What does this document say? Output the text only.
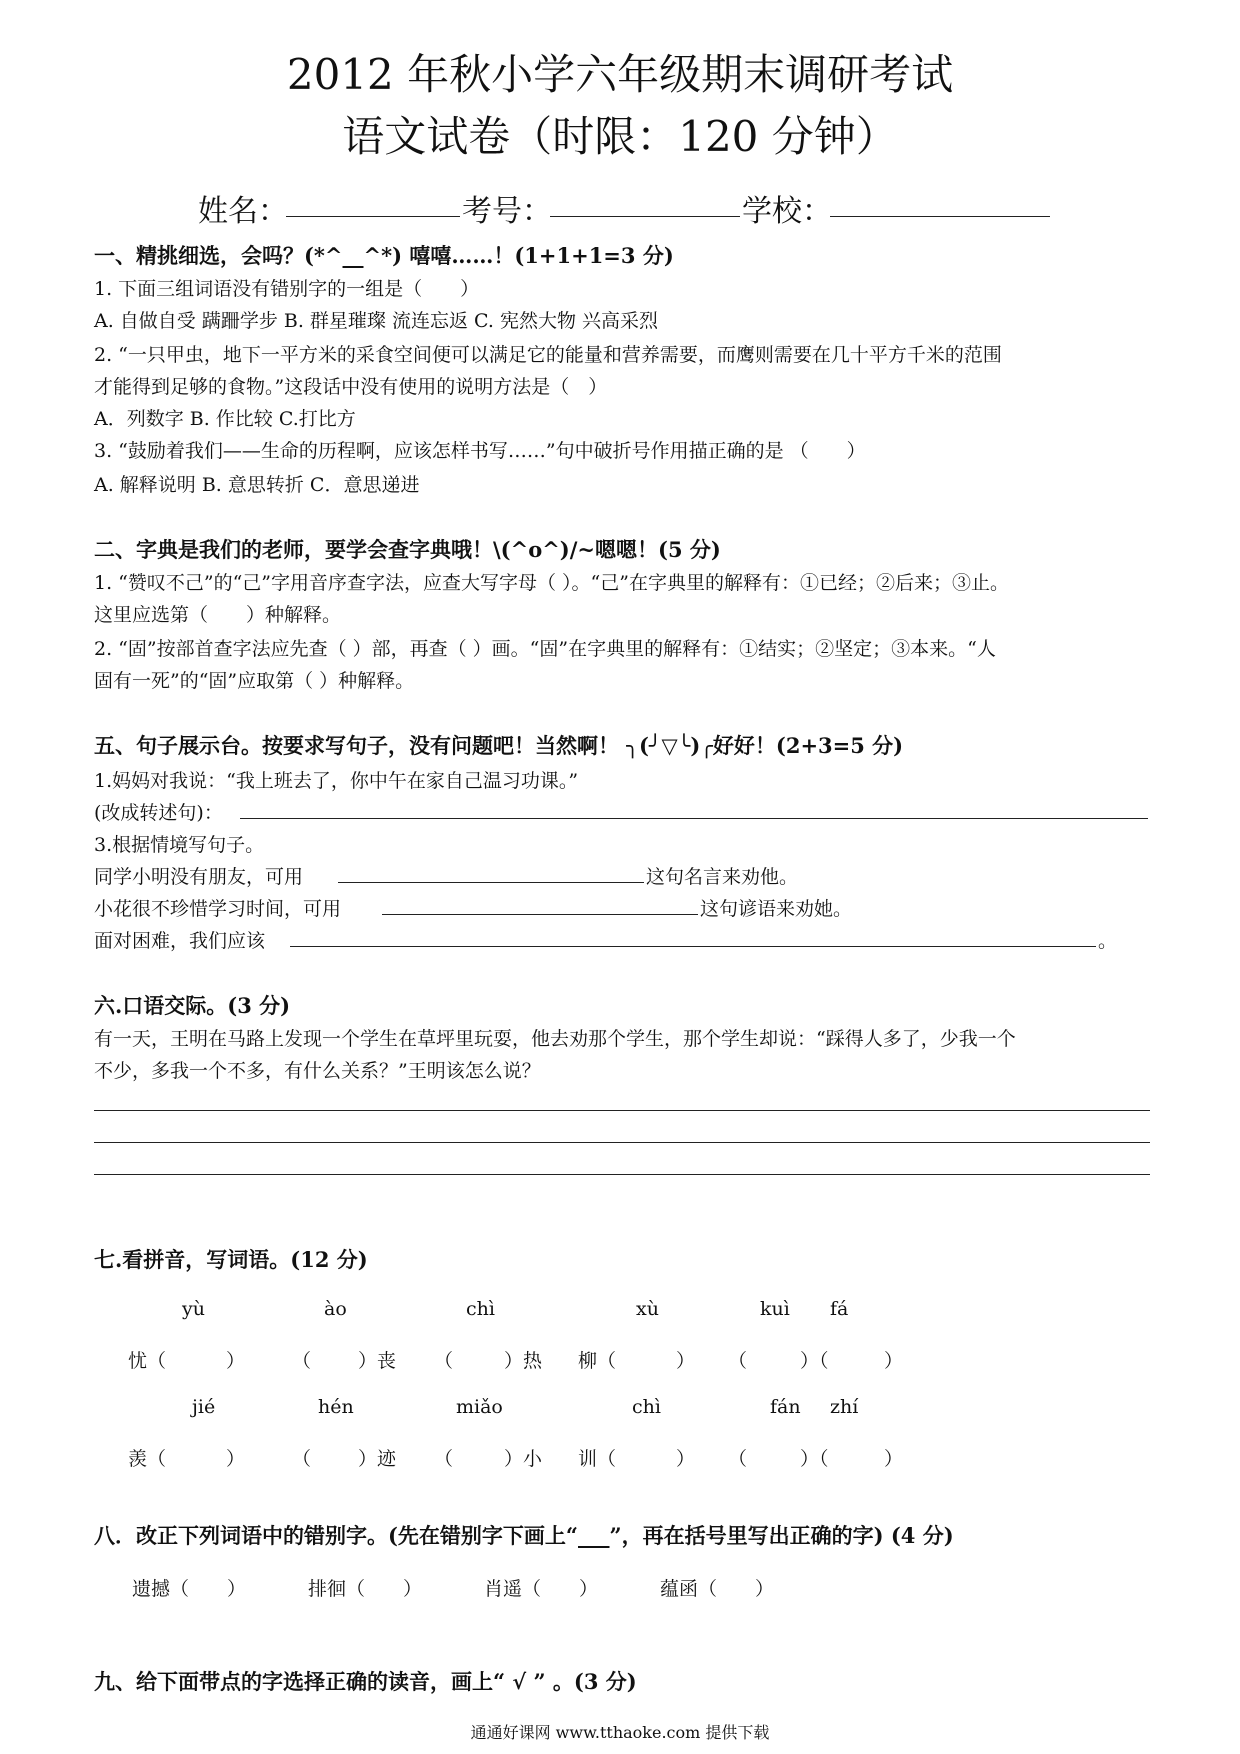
2012 年秋小学六年级期末调研考试
语文试卷（时限：120 分钟）
姓名：	考号：	学校：
一、精挑细选，会吗？(*^__^*) 嘻嘻……！(1+1+1=3 分)
1. 下面三组词语没有错别字的一组是（　　）
A. 自做自受 蹒跚学步 B. 群星璀璨 流连忘返 C. 宪然大物 兴高采烈
2. “一只甲虫，地下一平方米的采食空间便可以满足它的能量和营养需要，而鹰则需要在几十平方千米的范围
才能得到足够的食物。”这段话中没有使用的说明方法是（　）
A．列数字 B. 作比较 C.打比方
3. “鼓励着我们——生命的历程啊，应该怎样书写……”句中破折号作用描正确的是 （　　）
A. 解释说明 B. 意思转折 C．意思递进
二、字典是我们的老师，要学会查字典哦！\(^o^)/~嗯嗯！(5 分)
1. “赞叹不己”的“己”字用音序查字法，应查大写字母（ ）。“己”在字典里的解释有：①已经；②后来；③止。
这里应选第（　　）种解释。
2. “固”按部首查字法应先查（ ）部，再查（ ）画。“固”在字典里的解释有：①结实；②坚定；③本来。“人
固有一死”的“固”应取第（ ）种解释。
五、句子展示台。按要求写句子，没有问题吧！当然啊！ ╮(╯▽╰)╭好好！(2+3=5 分)
1.妈妈对我说：“我上班去了，你中午在家自己温习功课。”
(改成转述句)：
3.根据情境写句子。
同学小明没有朋友，可用	这句名言来劝他。
小花很不珍惜学习时间，可用	这句谚语来劝她。
面对困难，我们应该	。
六.口语交际。(3 分)
有一天，王明在马路上发现一个学生在草坪里玩耍，他去劝那个学生，那个学生却说：“踩得人多了，少我一个
不少，多我一个不多，有什么关系？”王明该怎么说？
七.看拼音，写词语。(12 分)
yù	ào	chì	xù	kuì fá
忧（	） （ ）丧 （	）热 柳（	） （	）（	）
jié	hén	miǎo	chì	fán zhí
羡（	） （ ）迹 （	）小 训（	） （	）（	）
八．改正下列词语中的错别字。(先在错别字下画上“___”，再在括号里写出正确的字) (4 分)
遗撼（　　）	排徊（　　）	肖遥（　　）	蕴函（　　）
九、给下面带点的字选择正确的读音，画上“ √ ” 。(3 分)
通通好课网 www.tthaoke.com 提供下载
